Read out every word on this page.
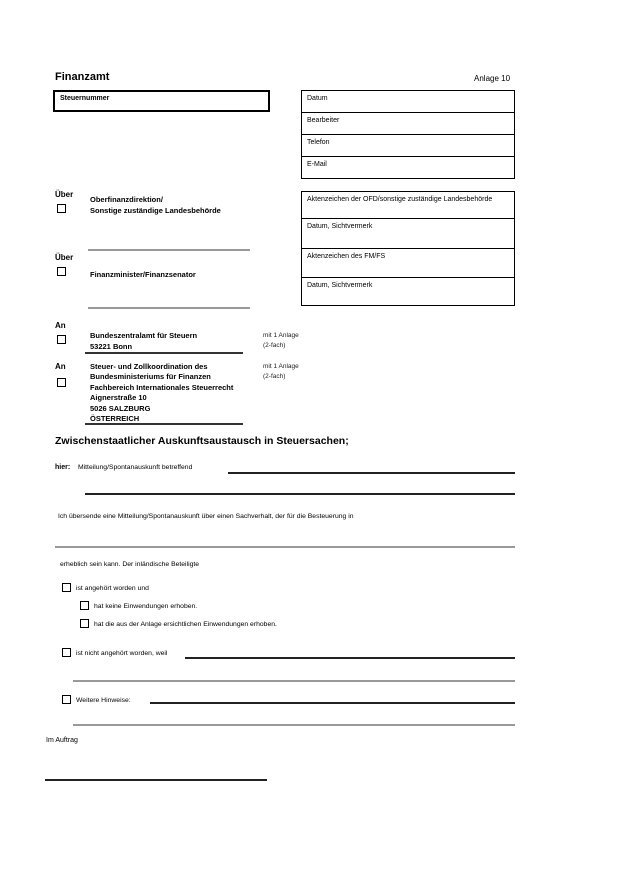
Finanzamt	Anlage 10
Steuernummer	Datum
Bearbeiter
Telefon
E-Mail
Aktenzeichen der OFD/sonstige zuständige Landesbehörde
Datum, Sichtvermerk
Aktenzeichen des FM/FS
Datum, Sichtvermerk
Über
Oberfinanzdirektion/
Sonstige zuständige Landesbehörde
Über
Finanzminister/Finanzsenator
An
Bundeszentralamt für Steuern
53221 Bonn
mit 1 Anlage
(2-fach)
An	Steuer- und Zollkoordination des
Bundesministeriums für Finanzen
Fachbereich Internationales Steuerrecht
Aignerstraße 10
5026 SALZBURG
ÖSTERREICH
mit 1 Anlage
(2-fach)
Zwischenstaatlicher Auskunftsaustausch in Steuersachen;
hier: Mitteilung/Spontanauskunft betreffend
Ich übersende eine Mitteilung/Spontanauskunft über einen Sachverhalt, der für die Besteuerung in
erheblich sein kann. Der inländische Beteiligte
ist angehört worden und
hat keine Einwendungen erhoben.
hat die aus der Anlage ersichtlichen Einwendungen erhoben.
ist nicht angehört worden, weil
Weitere Hinweise:
Im Auftrag
